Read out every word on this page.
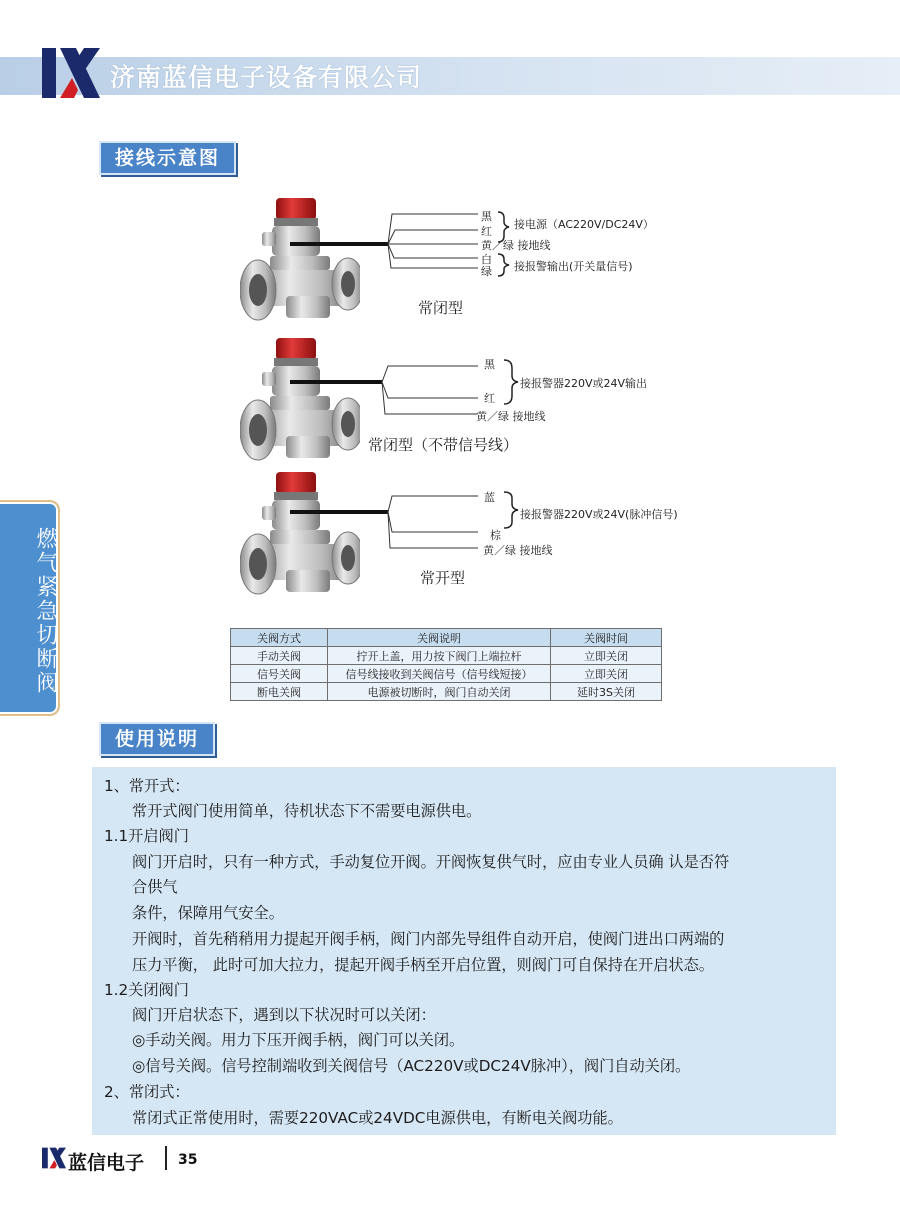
济南蓝信电子设备有限公司
燃气紧急切断阀
接线示意图
黑
红
接电源（AC220V/DC24V）
黄／绿 接地线
白
绿 接报警输出(开关量信号)
常闭型
黑
红
接报警器220V或24V输出
黄／绿 接地线
常闭型（不带信号线）
蓝
棕
接报警器220V或24V(脉冲信号)
黄／绿 接地线
常开型
关阀方式	关阀说明	关阀时间
手动关阀	拧开上盖，用力按下阀门上端拉杆	立即关闭
信号关阀	信号线接收到关阀信号（信号线短接）	立即关闭
断电关阀	电源被切断时，阀门自动关闭	延时3S关闭
使用说明
1、常开式：
常开式阀门使用简单，待机状态下不需要电源供电。
1.1开启阀门
阀门开启时，只有一种方式，手动复位开阀。开阀恢复供气时，应由专业人员确 认是否符
合供气
条件，保障用气安全。
开阀时，首先稍稍用力提起开阀手柄，阀门内部先导组件自动开启，使阀门进出口两端的
压力平衡， 此时可加大拉力，提起开阀手柄至开启位置，则阀门可自保持在开启状态。
1.2关闭阀门
阀门开启状态下，遇到以下状况时可以关闭：
◎手动关阀。用力下压开阀手柄，阀门可以关闭。
◎信号关阀。信号控制端收到关阀信号（AC220V或DC24V脉冲），阀门自动关闭。
2、常闭式：
常闭式正常使用时，需要220VAC或24VDC电源供电，有断电关阀功能。
蓝信电子 35
